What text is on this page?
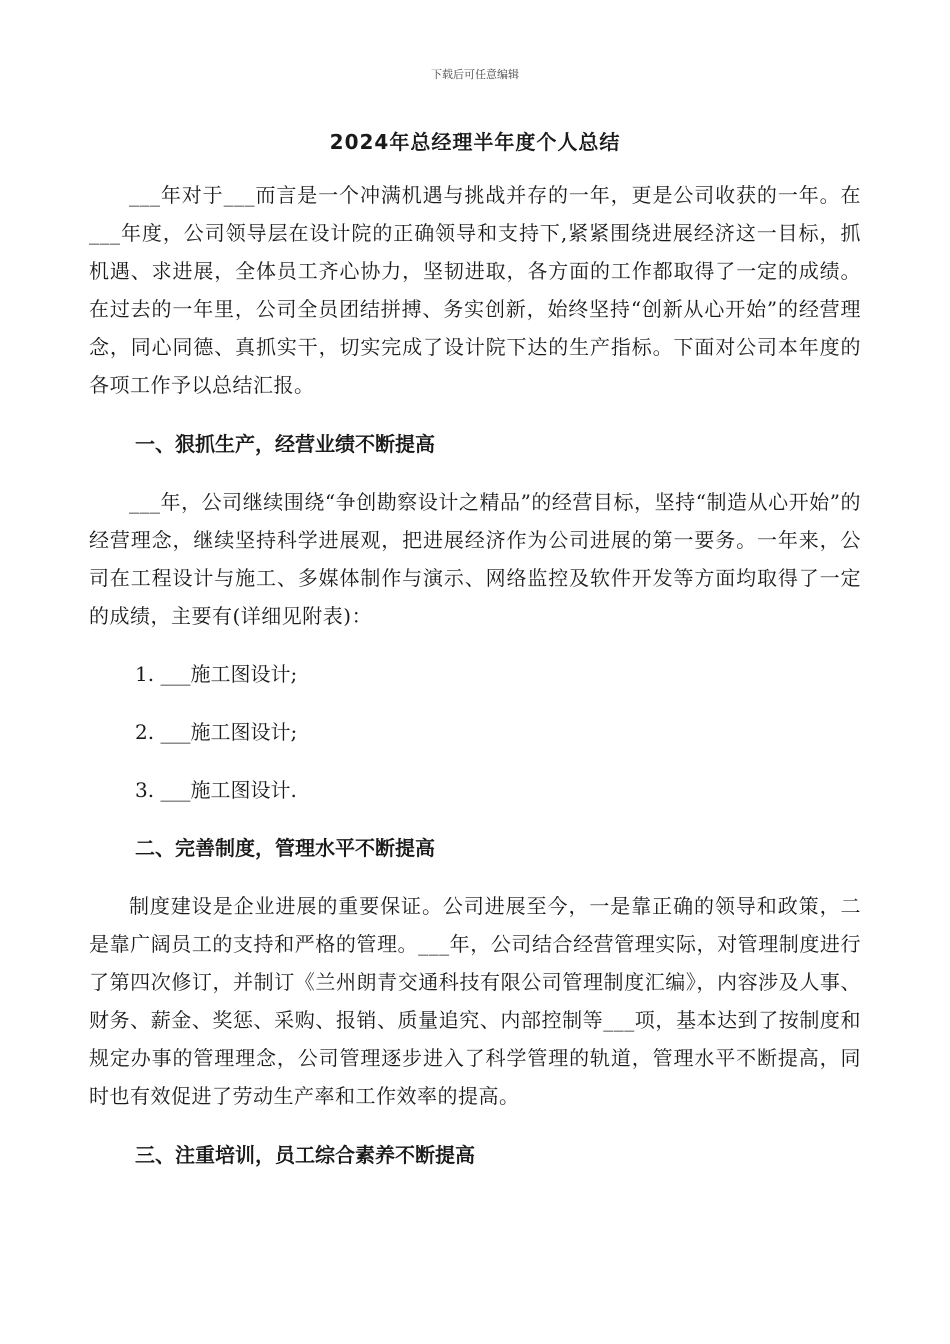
下载后可任意编辑
2024年总经理半年度个人总结

___年对于___而言是一个冲满机遇与挑战并存的一年，更是公司收获的一年。在___年度，公司领导层在设计院的正确领导和支持下,紧紧围绕进展经济这一目标，抓机遇、求进展，全体员工齐心协力，坚韧进取，各方面的工作都取得了一定的成绩。在过去的一年里，公司全员团结拼搏、务实创新，始终坚持“创新从心开始”的经营理念，同心同德、真抓实干，切实完成了设计院下达的生产指标。下面对公司本年度的各项工作予以总结汇报。

一、狠抓生产，经营业绩不断提高

___年，公司继续围绕“争创勘察设计之精品”的经营目标，坚持“制造从心开始”的经营理念，继续坚持科学进展观，把进展经济作为公司进展的第一要务。一年来，公司在工程设计与施工、多媒体制作与演示、网络监控及软件开发等方面均取得了一定的成绩，主要有(详细见附表)：

1. ___施工图设计;

2. ___施工图设计;

3. ___施工图设计.

二、完善制度，管理水平不断提高

制度建设是企业进展的重要保证。公司进展至今，一是靠正确的领导和政策，二是靠广阔员工的支持和严格的管理。___年，公司结合经营管理实际，对管理制度进行了第四次修订，并制订《兰州朗青交通科技有限公司管理制度汇编》，内容涉及人事、财务、薪金、奖惩、采购、报销、质量追究、内部控制等___项，基本达到了按制度和规定办事的管理理念，公司管理逐步进入了科学管理的轨道，管理水平不断提高，同时也有效促进了劳动生产率和工作效率的提高。

三、注重培训，员工综合素养不断提高
